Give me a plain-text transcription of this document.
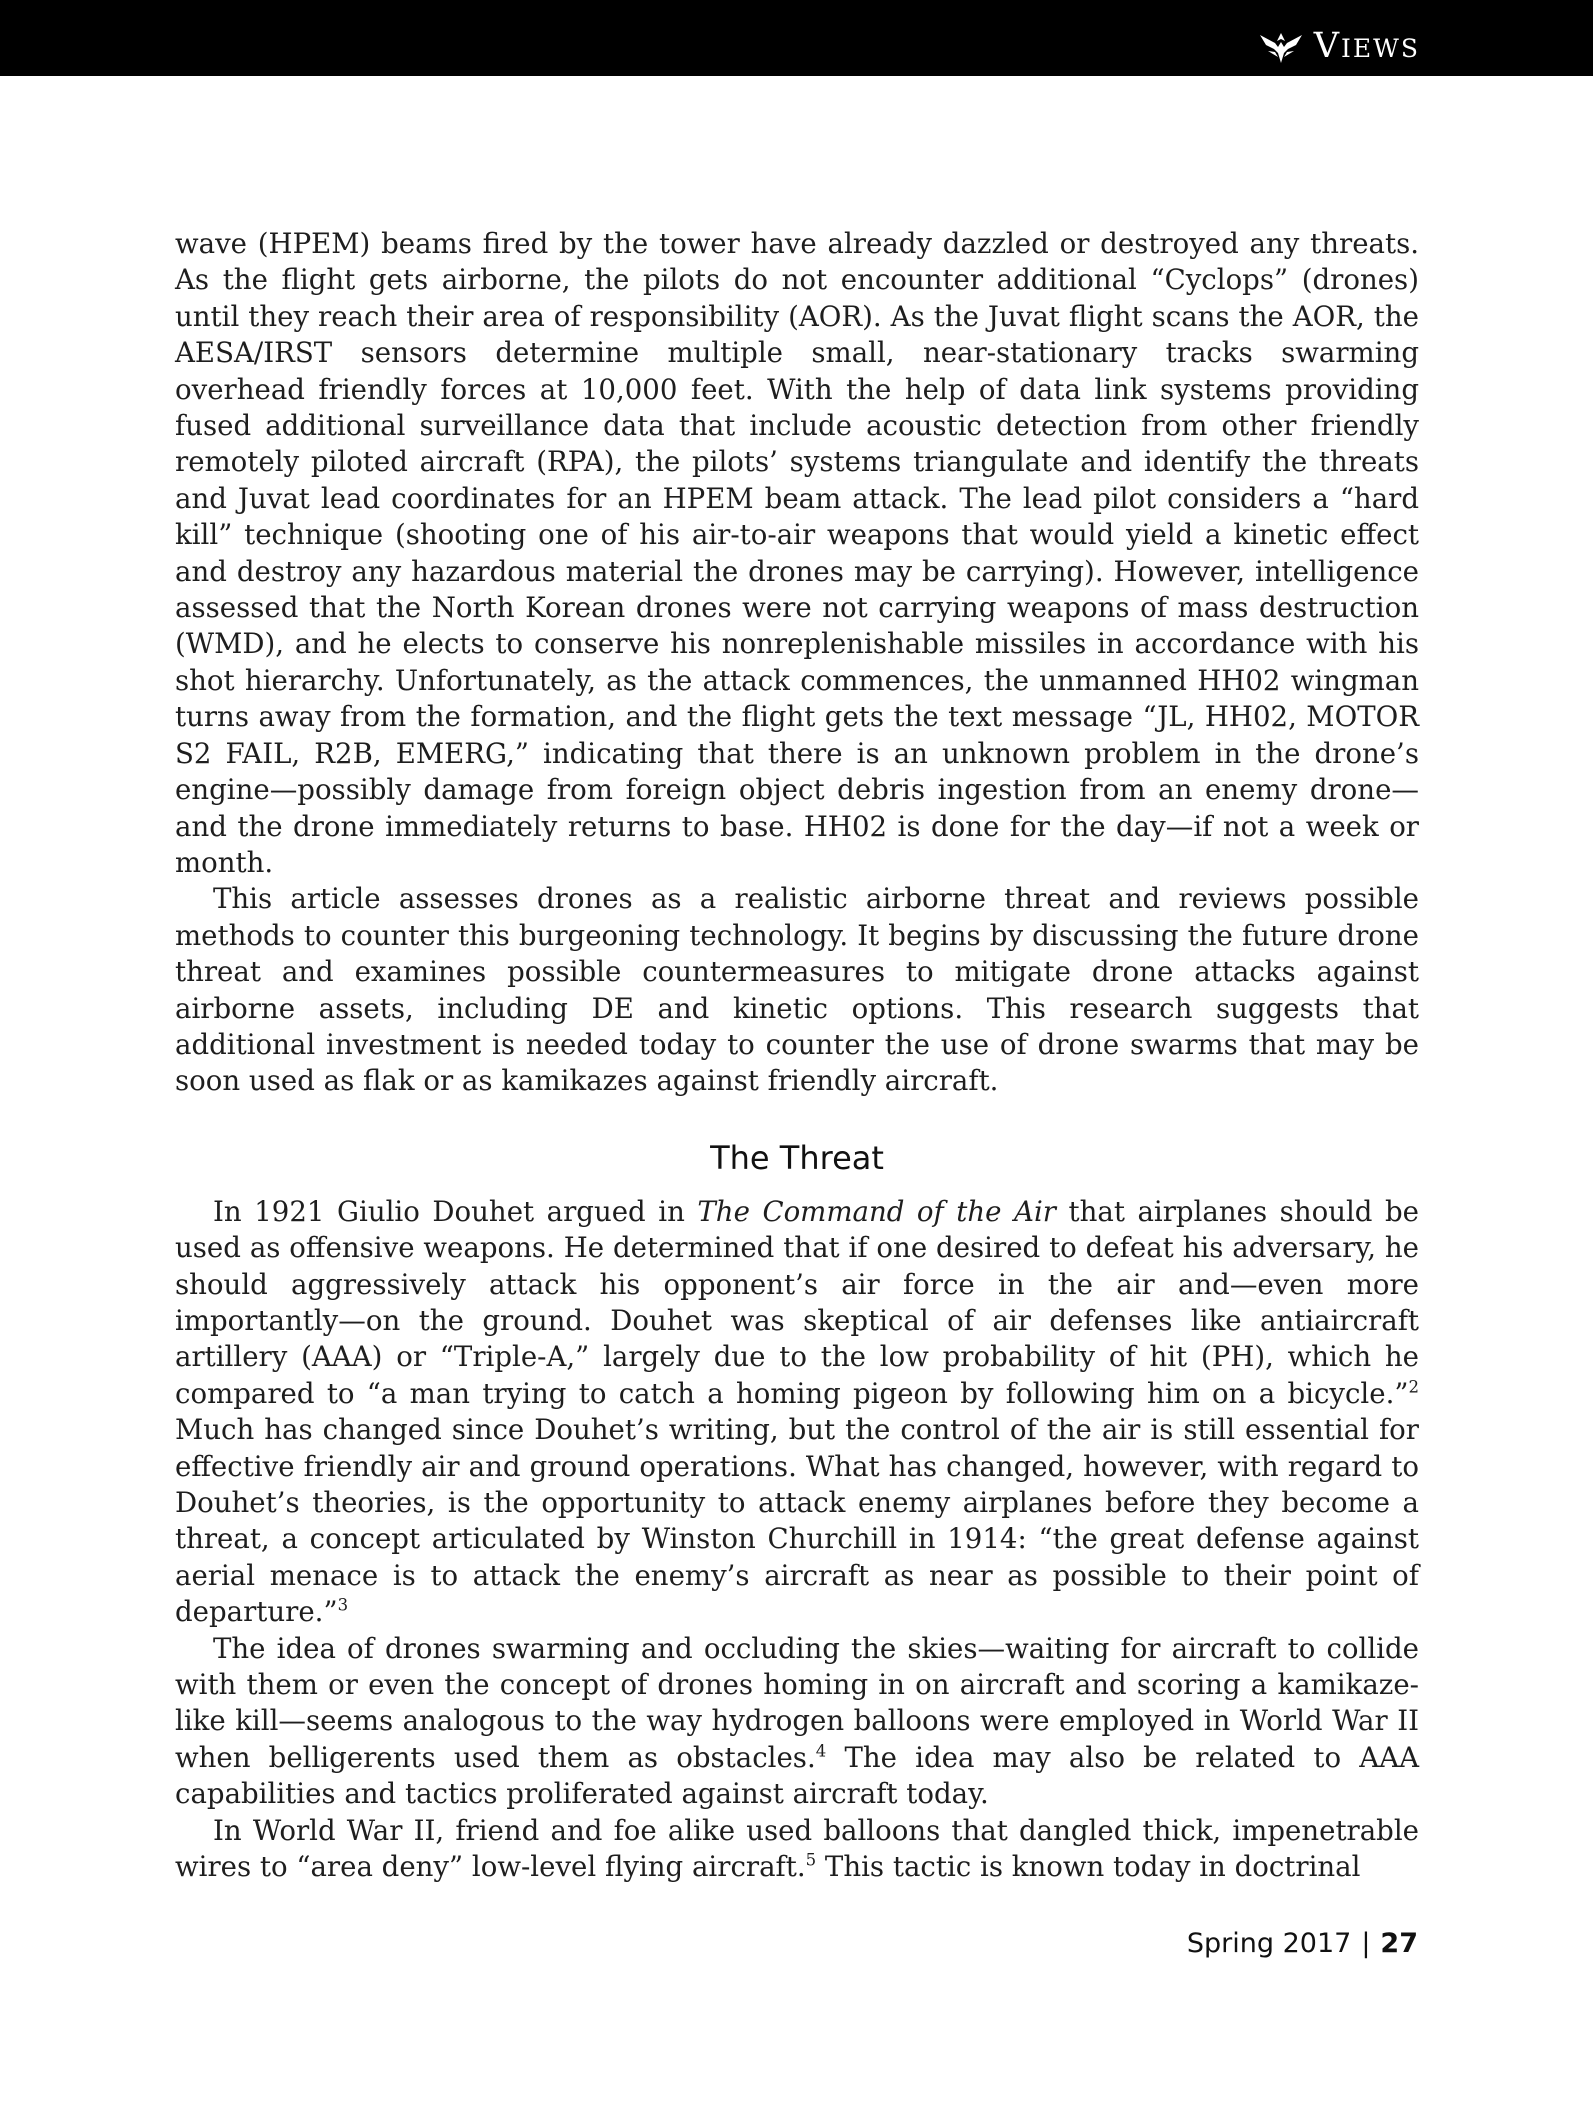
Views

wave (HPEM) beams fired by the tower have already dazzled or destroyed any threats. As the flight gets airborne, the pilots do not encounter additional “Cyclops” (drones) until they reach their area of responsibility (AOR). As the Juvat flight scans the AOR, the AESA/IRST sensors determine multiple small, near-stationary tracks swarming overhead friendly forces at 10,000 feet. With the help of data link systems providing fused additional surveillance data that include acoustic detection from other friendly remotely piloted aircraft (RPA), the pilots’ systems triangulate and identify the threats and Juvat lead coordinates for an HPEM beam attack. The lead pilot considers a “hard kill” technique (shooting one of his air-to-air weapons that would yield a kinetic effect and destroy any hazardous material the drones may be carrying). However, intelligence assessed that the North Korean drones were not carrying weapons of mass destruction (WMD), and he elects to conserve his nonreplenishable missiles in accordance with his shot hierarchy. Unfortunately, as the attack commences, the unmanned HH02 wingman turns away from the formation, and the flight gets the text message “JL, HH02, MOTOR S2 FAIL, R2B, EMERG,” indicating that there is an unknown problem in the drone’s engine—possibly damage from foreign object debris ingestion from an enemy drone—and the drone immediately returns to base. HH02 is done for the day—if not a week or month.

This article assesses drones as a realistic airborne threat and reviews possible methods to counter this burgeoning technology. It begins by discussing the future drone threat and examines possible countermeasures to mitigate drone attacks against airborne assets, including DE and kinetic options. This research suggests that additional investment is needed today to counter the use of drone swarms that may be soon used as flak or as kamikazes against friendly aircraft.

The Threat

In 1921 Giulio Douhet argued in The Command of the Air that airplanes should be used as offensive weapons. He determined that if one desired to defeat his adversary, he should aggressively attack his opponent’s air force in the air and—even more importantly—on the ground. Douhet was skeptical of air defenses like antiaircraft artillery (AAA) or “Triple-A,” largely due to the low probability of hit (PH), which he compared to “a man trying to catch a homing pigeon by following him on a bicycle.”$^2$ Much has changed since Douhet’s writing, but the control of the air is still essential for effective friendly air and ground operations. What has changed, however, with regard to Douhet’s theories, is the opportunity to attack enemy airplanes before they become a threat, a concept articulated by Winston Churchill in 1914: “the great defense against aerial menace is to attack the enemy’s aircraft as near as possible to their point of departure.”$^3$

The idea of drones swarming and occluding the skies—waiting for aircraft to collide with them or even the concept of drones homing in on aircraft and scoring a kamikaze-like kill—seems analogous to the way hydrogen balloons were employed in World War II when belligerents used them as obstacles.$^4$ The idea may also be related to AAA capabilities and tactics proliferated against aircraft today.

In World War II, friend and foe alike used balloons that dangled thick, impenetrable wires to “area deny” low-level flying aircraft.$^5$ This tactic is known today in doctrinal

Spring 2017 | 27
